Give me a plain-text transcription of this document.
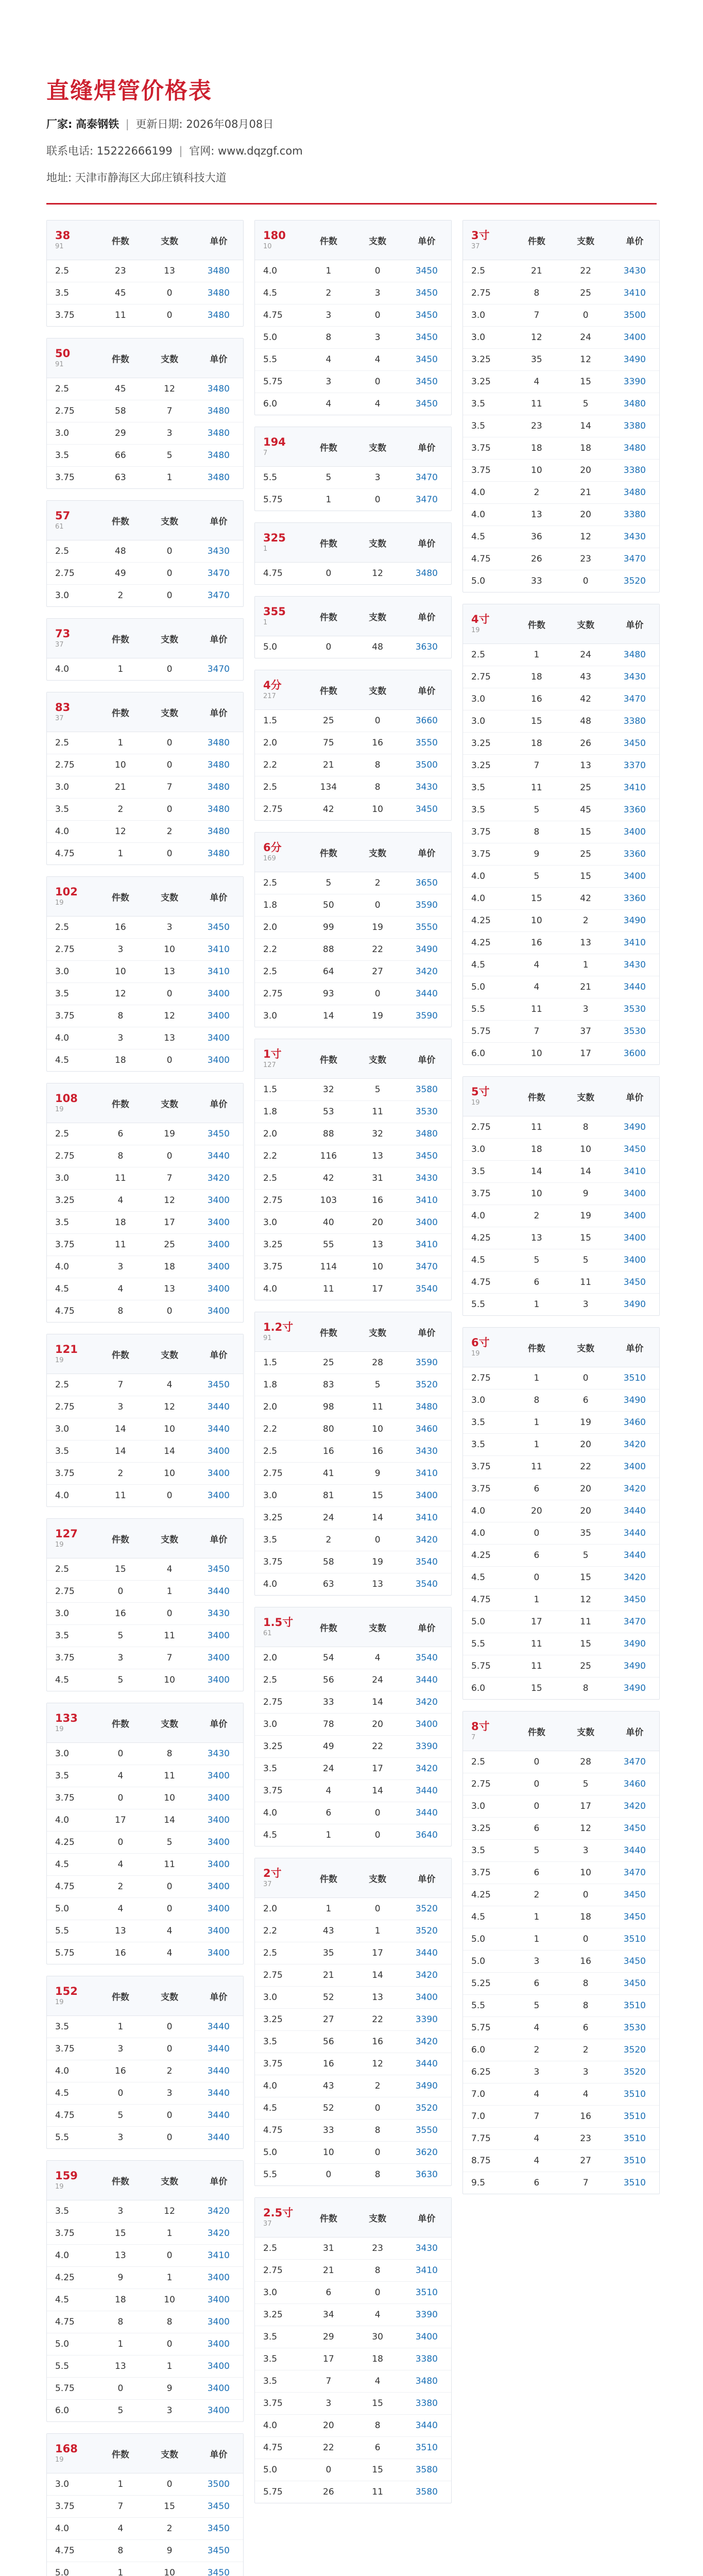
直缝焊管价格表
厂家: 高泰钢铁 | 更新日期: 2026年08月08日
联系电话: 15222666199 | 官网: www.dqzgf.com
地址: 天津市静海区大邱庄镇科技大道
38
91	件数	支数	单价
2.5	23	13	3480
3.5	45	0	3480
3.75	11	0	3480
50
91	件数	支数	单价
2.5	45	12	3480
2.75	58	7	3480
3.0	29	3	3480
3.5	66	5	3480
3.75	63	1	3480
57
61	件数	支数	单价
2.5	48	0	3430
2.75	49	0	3470
3.0	2	0	3470
73
37	件数	支数	单价
4.0	1	0	3470
83
37	件数	支数	单价
2.5	1	0	3480
2.75	10	0	3480
3.0	21	7	3480
3.5	2	0	3480
4.0	12	2	3480
4.75	1	0	3480
102
19	件数	支数	单价
2.5	16	3	3450
2.75	3	10	3410
3.0	10	13	3410
3.5	12	0	3400
3.75	8	12	3400
4.0	3	13	3400
4.5	18	0	3400
108
19	件数	支数	单价
2.5	6	19	3450
2.75	8	0	3440
3.0	11	7	3420
3.25	4	12	3400
3.5	18	17	3400
3.75	11	25	3400
4.0	3	18	3400
4.5	4	13	3400
4.75	8	0	3400
121
19	件数	支数	单价
2.5	7	4	3450
2.75	3	12	3440
3.0	14	10	3440
3.5	14	14	3400
3.75	2	10	3400
4.0	11	0	3400
127
19	件数	支数	单价
2.5	15	4	3450
2.75	0	1	3440
3.0	16	0	3430
3.5	5	11	3400
3.75	3	7	3400
4.5	5	10	3400
133
19	件数	支数	单价
3.0	0	8	3430
3.5	4	11	3400
3.75	0	10	3400
4.0	17	14	3400
4.25	0	5	3400
4.5	4	11	3400
4.75	2	0	3400
5.0	4	0	3400
5.5	13	4	3400
5.75	16	4	3400
152
19	件数	支数	单价
3.5	1	0	3440
3.75	3	0	3440
4.0	16	2	3440
4.5	0	3	3440
4.75	5	0	3440
5.5	3	0	3440
159
19	件数	支数	单价
3.5	3	12	3420
3.75	15	1	3420
4.0	13	0	3410
4.25	9	1	3400
4.5	18	10	3400
4.75	8	8	3400
5.0	1	0	3400
5.5	13	1	3400
5.75	0	9	3400
6.0	5	3	3400
168
19	件数	支数	单价
3.0	1	0	3500
3.75	7	15	3450
4.0	4	2	3450
4.75	8	9	3450
5.0	1	10	3450

180
10	件数	支数	单价
4.0	1	0	3450
4.5	2	3	3450
4.75	3	0	3450
5.0	8	3	3450
5.5	4	4	3450
5.75	3	0	3450
6.0	4	4	3450
194
7	件数	支数	单价
5.5	5	3	3470
5.75	1	0	3470
325
1	件数	支数	单价
4.75	0	12	3480
355
1	件数	支数	单价
5.0	0	48	3630
4分
217	件数	支数	单价
1.5	25	0	3660
2.0	75	16	3550
2.2	21	8	3500
2.5	134	8	3430
2.75	42	10	3450
6分
169	件数	支数	单价
2.5	5	2	3650
1.8	50	0	3590
2.0	99	19	3550
2.2	88	22	3490
2.5	64	27	3420
2.75	93	0	3440
3.0	14	19	3590
1寸
127	件数	支数	单价
1.5	32	5	3580
1.8	53	11	3530
2.0	88	32	3480
2.2	116	13	3450
2.5	42	31	3430
2.75	103	16	3410
3.0	40	20	3400
3.25	55	13	3410
3.75	114	10	3470
4.0	11	17	3540
1.2寸
91	件数	支数	单价
1.5	25	28	3590
1.8	83	5	3520
2.0	98	11	3480
2.2	80	10	3460
2.5	16	16	3430
2.75	41	9	3410
3.0	81	15	3400
3.25	24	14	3410
3.5	2	0	3420
3.75	58	19	3540
4.0	63	13	3540
1.5寸
61	件数	支数	单价
2.0	54	4	3540
2.5	56	24	3440
2.75	33	14	3420
3.0	78	20	3400
3.25	49	22	3390
3.5	24	17	3420
3.75	4	14	3440
4.0	6	0	3440
4.5	1	0	3640
2寸
37	件数	支数	单价
2.0	1	0	3520
2.2	43	1	3520
2.5	35	17	3440
2.75	21	14	3420
3.0	52	13	3400
3.25	27	22	3390
3.5	56	16	3420
3.75	16	12	3440
4.0	43	2	3490
4.5	52	0	3520
4.75	33	8	3550
5.0	10	0	3620
5.5	0	8	3630
2.5寸
37	件数	支数	单价
2.5	31	23	3430
2.75	21	8	3410
3.0	6	0	3510
3.25	34	4	3390
3.5	29	30	3400
3.5	17	18	3380
3.5	7	4	3480
3.75	3	15	3380
4.0	20	8	3440
4.75	22	6	3510
5.0	0	15	3580
5.75	26	11	3580
3寸
37	件数	支数	单价
2.5	21	22	3430
2.75	8	25	3410
3.0	7	0	3500
3.0	12	24	3400
3.25	35	12	3490
3.25	4	15	3390
3.5	11	5	3480
3.5	23	14	3380
3.75	18	18	3480
3.75	10	20	3380
4.0	2	21	3480
4.0	13	20	3380
4.5	36	12	3430
4.75	26	23	3470
5.0	33	0	3520
4寸
19	件数	支数	单价
2.5	1	24	3480
2.75	18	43	3430
3.0	16	42	3470
3.0	15	48	3380
3.25	18	26	3450
3.25	7	13	3370
3.5	11	25	3410
3.5	5	45	3360
3.75	8	15	3400
3.75	9	25	3360
4.0	5	15	3400
4.0	15	42	3360
4.25	10	2	3490
4.25	16	13	3410
4.5	4	1	3430
5.0	4	21	3440
5.5	11	3	3530
5.75	7	37	3530
6.0	10	17	3600
5寸
19	件数	支数	单价
2.75	11	8	3490
3.0	18	10	3450
3.5	14	14	3410
3.75	10	9	3400
4.0	2	19	3400
4.25	13	15	3400
4.5	5	5	3400
4.75	6	11	3450
5.5	1	3	3490
6寸
19	件数	支数	单价
2.75	1	0	3510
3.0	8	6	3490
3.5	1	19	3460
3.5	1	20	3420
3.75	11	22	3400
3.75	6	20	3420
4.0	20	20	3440
4.0	0	35	3440
4.25	6	5	3440
4.5	0	15	3420
4.75	1	12	3450
5.0	17	11	3470
5.5	11	15	3490
5.75	11	25	3490
6.0	15	8	3490
8寸
7	件数	支数	单价
2.5	0	28	3470
2.75	0	5	3460
3.0	0	17	3420
3.25	6	12	3450
3.5	5	3	3440
3.75	6	10	3470
4.25	2	0	3450
4.5	1	18	3450
5.0	1	0	3510
5.0	3	16	3450
5.25	6	8	3450
5.5	5	8	3510
5.75	4	6	3530
6.0	2	2	3520
6.25	3	3	3520
7.0	4	4	3510
7.0	7	16	3510
7.75	4	23	3510
8.75	4	27	3510
9.5	6	7	3510
